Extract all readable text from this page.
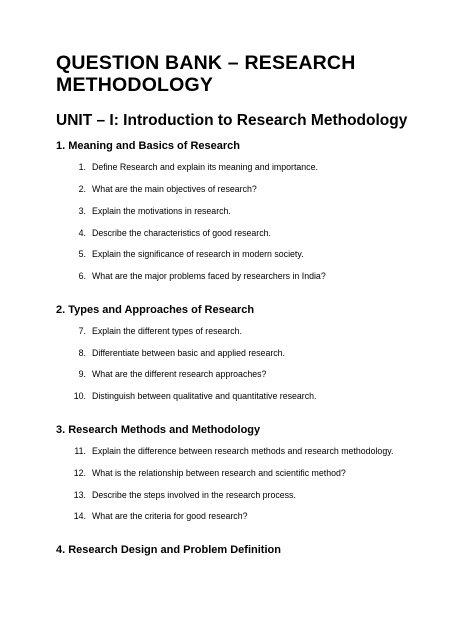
QUESTION BANK – RESEARCH
METHODOLOGY
UNIT – I: Introduction to Research Methodology
1. Meaning and Basics of Research
1. Define Research and explain its meaning and importance.
2. What are the main objectives of research?
3. Explain the motivations in research.
4. Describe the characteristics of good research.
5. Explain the significance of research in modern society.
6. What are the major problems faced by researchers in India?
2. Types and Approaches of Research
7. Explain the different types of research.
8. Differentiate between basic and applied research.
9. What are the different research approaches?
10. Distinguish between qualitative and quantitative research.
3. Research Methods and Methodology
11. Explain the difference between research methods and research methodology.
12. What is the relationship between research and scientific method?
13. Describe the steps involved in the research process.
14. What are the criteria for good research?
4. Research Design and Problem Definition
